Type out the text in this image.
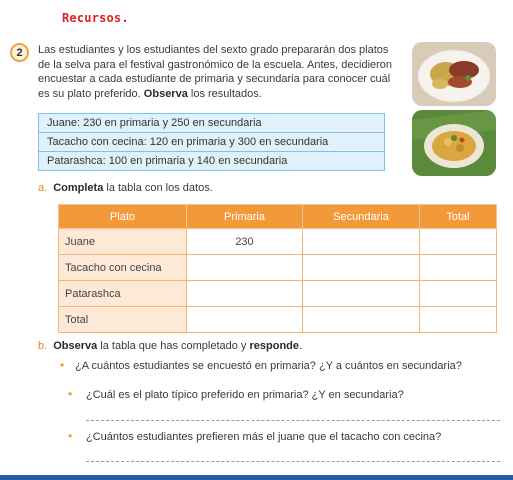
Recursos.
2	Las estudiantes y los estudiantes del sexto grado prepararán dos platos de la selva para el festival gastronómico de la escuela. Antes, decidieron encuestar a cada estudiante de primaria y secundaria para conocer cuál es su plato preferido. Observa los resultados.
Juane: 230 en primaria y 250 en secundaria
Tacacho con cecina: 120 en primaria y 300 en secundaria
Patarashca: 100 en primaria y 140 en secundaria
a. Completa la tabla con los datos.
Plato	Primaria	Secundaria	Total
Juane	230		
Tacacho con cecina			
Patarashca			
Total			
b. Observa la tabla que has completado y responde.
• ¿A cuántos estudiantes se encuestó en primaria? ¿Y a cuántos en secundaria?
• ¿Cuál es el plato típico preferido en primaria? ¿Y en secundaria?
• ¿Cuántos estudiantes prefieren más el juane que el tacacho con cecina?
